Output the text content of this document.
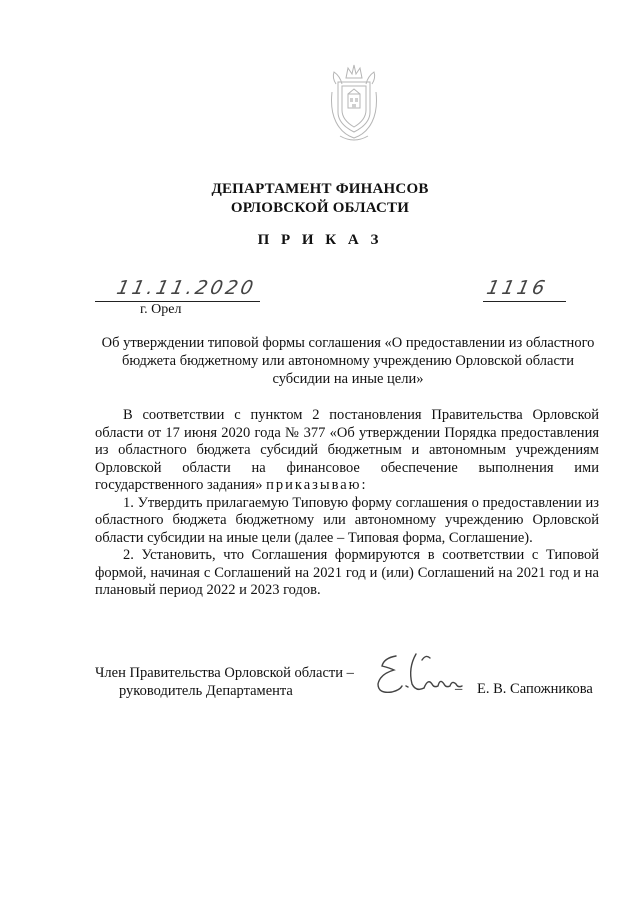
ДЕПАРТАМЕНТ ФИНАНСОВ
ОРЛОВСКОЙ ОБЛАСТИ
П Р И К А З
11.11.2020	1116
г. Орел
Об утверждении типовой формы соглашения «О предоставлении из областного бюджета бюджетному или автономному учреждению Орловской области субсидии на иные цели»

В соответствии с пунктом 2 постановления Правительства Орловской области от 17 июня 2020 года № 377 «Об утверждении Порядка предоставления из областного бюджета субсидий бюджетным и автономным учреждениям Орловской области на финансовое обеспечение выполнения ими государственного задания» приказываю:

1. Утвердить прилагаемую Типовую форму соглашения о предоставлении из областного бюджета бюджетному или автономному учреждению Орловской области субсидии на иные цели (далее – Типовая форма, Соглашение).

2. Установить, что Соглашения формируются в соответствии с Типовой формой, начиная с Соглашений на 2021 год и (или) Соглашений на 2021 год и на плановый период 2022 и 2023 годов.

Член Правительства Орловской области –
руководитель Департамента	– Е. В. Сапожникова
